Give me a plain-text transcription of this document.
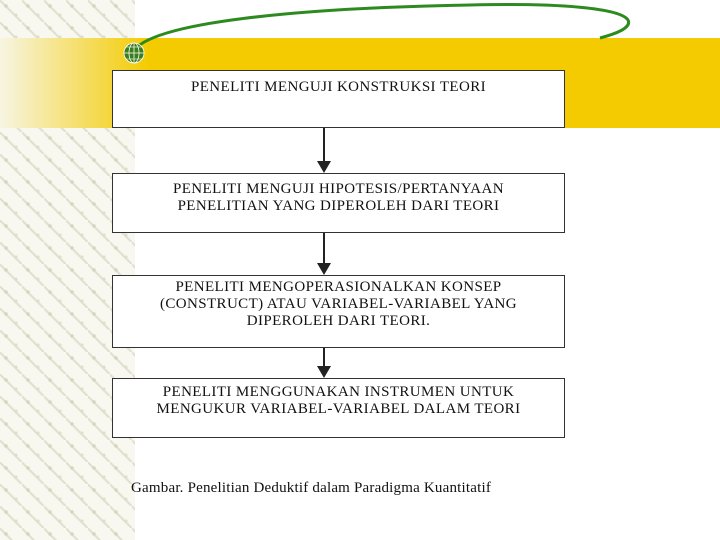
PENELITI MENGUJI KONSTRUKSI TEORI
PENELITI MENGUJI HIPOTESIS/PERTANYAAN
PENELITIAN YANG DIPEROLEH DARI TEORI
PENELITI MENGOPERASIONALKAN KONSEP
(CONSTRUCT) ATAU VARIABEL-VARIABEL YANG
DIPEROLEH DARI TEORI.
PENELITI MENGGUNAKAN INSTRUMEN UNTUK
MENGUKUR VARIABEL-VARIABEL DALAM TEORI
Gambar. Penelitian Deduktif dalam Paradigma Kuantitatif
